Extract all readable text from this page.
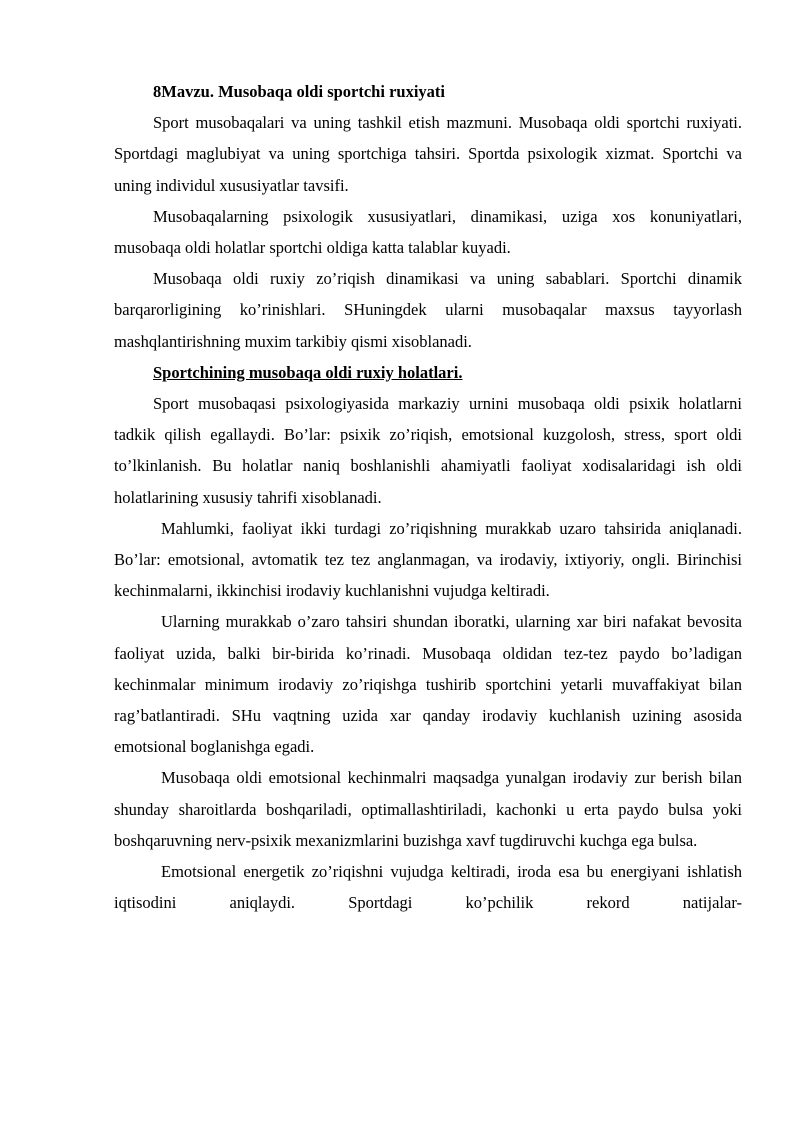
8Mavzu. Musobaqa oldi sportchi ruxiyati

Sport musobaqalari va uning tashkil etish mazmuni. Musobaqa oldi sportchi ruxiyati. Sportdagi maglubiyat va uning sportchiga tahsiri. Sportda psixologik xizmat. Sportchi va uning individul xususiyatlar tavsifi.

Musobaqalarning psixologik xususiyatlari, dinamikasi, uziga xos konuniyatlari, musobaqa oldi holatlar sportchi oldiga katta talablar kuyadi.

Musobaqa oldi ruxiy zo’riqish dinamikasi va uning sabablari. Sportchi dinamik barqarorligining ko’rinishlari. SHuningdek ularni musobaqalar maxsus tayyorlash mashqlantirishning muxim tarkibiy qismi xisoblanadi.

Sportchining musobaqa oldi ruxiy holatlari.

Sport musobaqasi psixologiyasida markaziy urnini musobaqa oldi psixik holatlarni tadkik qilish egallaydi. Bo’lar: psixik zo’riqish, emotsional kuzgolosh, stress, sport oldi to’lkinlanish. Bu holatlar naniq boshlanishli ahamiyatli faoliyat xodisalaridagi ish oldi holatlarining xususiy tahrifi xisoblanadi.

Mahlumki, faoliyat ikki turdagi zo’riqishning murakkab uzaro tahsirida aniqlanadi. Bo’lar: emotsional, avtomatik tez tez anglanmagan, va irodaviy, ixtiyoriy, ongli. Birinchisi kechinmalarni, ikkinchisi irodaviy kuchlanishni vujudga keltiradi.

Ularning murakkab o’zaro tahsiri shundan iboratki, ularning xar biri nafakat bevosita faoliyat uzida, balki bir-birida ko’rinadi. Musobaqa oldidan tez-tez paydo bo’ladigan kechinmalar minimum irodaviy zo’riqishga tushirib sportchini yetarli muvaffakiyat bilan rag’batlantiradi. SHu vaqtning uzida xar qanday irodaviy kuchlanish uzining asosida emotsional boglanishga egadi.

Musobaqa oldi emotsional kechinmalri maqsadga yunalgan irodaviy zur berish bilan shunday sharoitlarda boshqariladi, optimallashtiriladi, kachonki u erta paydo bulsa yoki boshqaruvning nerv-psixik mexanizmlarini buzishga xavf tugdiruvchi kuchga ega bulsa.

Emotsional energetik zo’riqishni vujudga keltiradi, iroda esa bu energiyani ishlatish iqtisodini aniqlaydi. Sportdagi ko’pchilik rekord natijalar-
